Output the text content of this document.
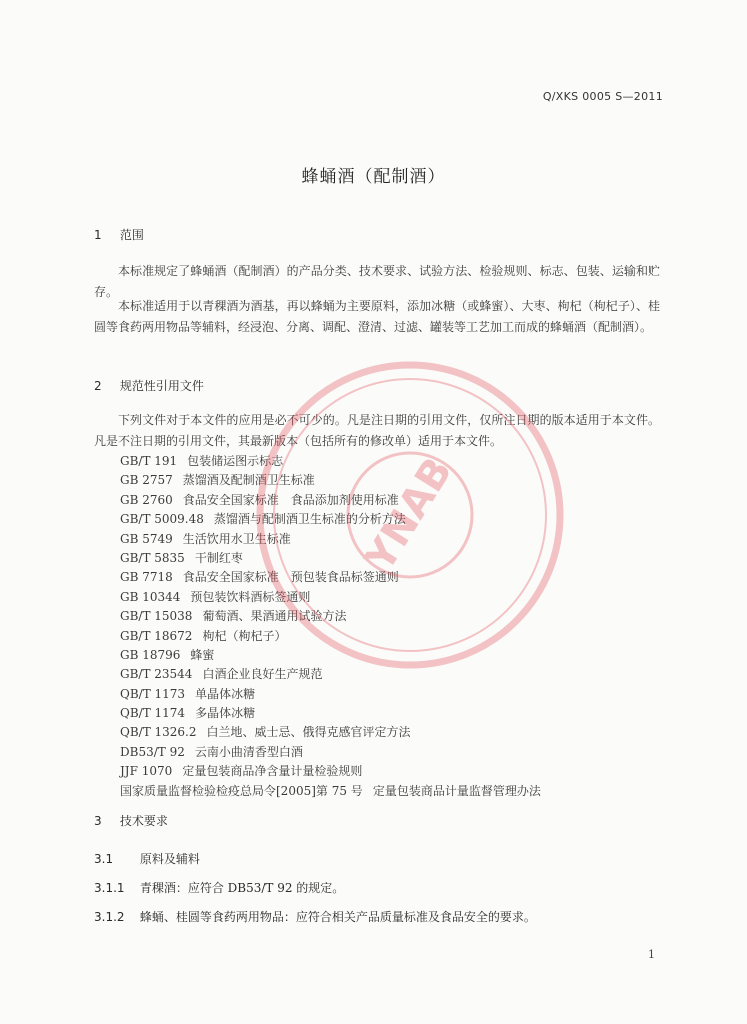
Q/XKS 0005 S—2011
蜂蛹酒（配制酒）
1 范围
本标准规定了蜂蛹酒（配制酒）的产品分类、技术要求、试验方法、检验规则、标志、包装、运输和贮存。
本标准适用于以青稞酒为酒基，再以蜂蛹为主要原料，添加冰糖（或蜂蜜）、大枣、枸杞（枸杞子）、桂圆等食药两用物品等辅料，经浸泡、分离、调配、澄清、过滤、罐装等工艺加工而成的蜂蛹酒（配制酒）。
2 规范性引用文件
下列文件对于本文件的应用是必不可少的。凡是注日期的引用文件，仅所注日期的版本适用于本文件。凡是不注日期的引用文件，其最新版本（包括所有的修改单）适用于本文件。
GB/T 191 包装储运图示标志
GB 2757 蒸馏酒及配制酒卫生标准
GB 2760 食品安全国家标准　食品添加剂使用标准
GB/T 5009.48 蒸馏酒与配制酒卫生标准的分析方法
GB 5749 生活饮用水卫生标准
GB/T 5835 干制红枣
GB 7718 食品安全国家标准　预包装食品标签通则
GB 10344 预包装饮料酒标签通则
GB/T 15038 葡萄酒、果酒通用试验方法
GB/T 18672 枸杞（枸杞子）
GB 18796 蜂蜜
GB/T 23544 白酒企业良好生产规范
QB/T 1173 单晶体冰糖
QB/T 1174 多晶体冰糖
QB/T 1326.2 白兰地、威士忌、俄得克感官评定方法
DB53/T 92 云南小曲清香型白酒
JJF 1070 定量包装商品净含量计量检验规则
国家质量监督检验检疫总局令[2005]第 75 号 定量包装商品计量监督管理办法
3 技术要求
3.1 原料及辅料
3.1.1 青稞酒：应符合 DB53/T 92 的规定。
3.1.2 蜂蛹、桂圆等食药两用物品：应符合相关产品质量标准及食品安全的要求。
1
YNAB
